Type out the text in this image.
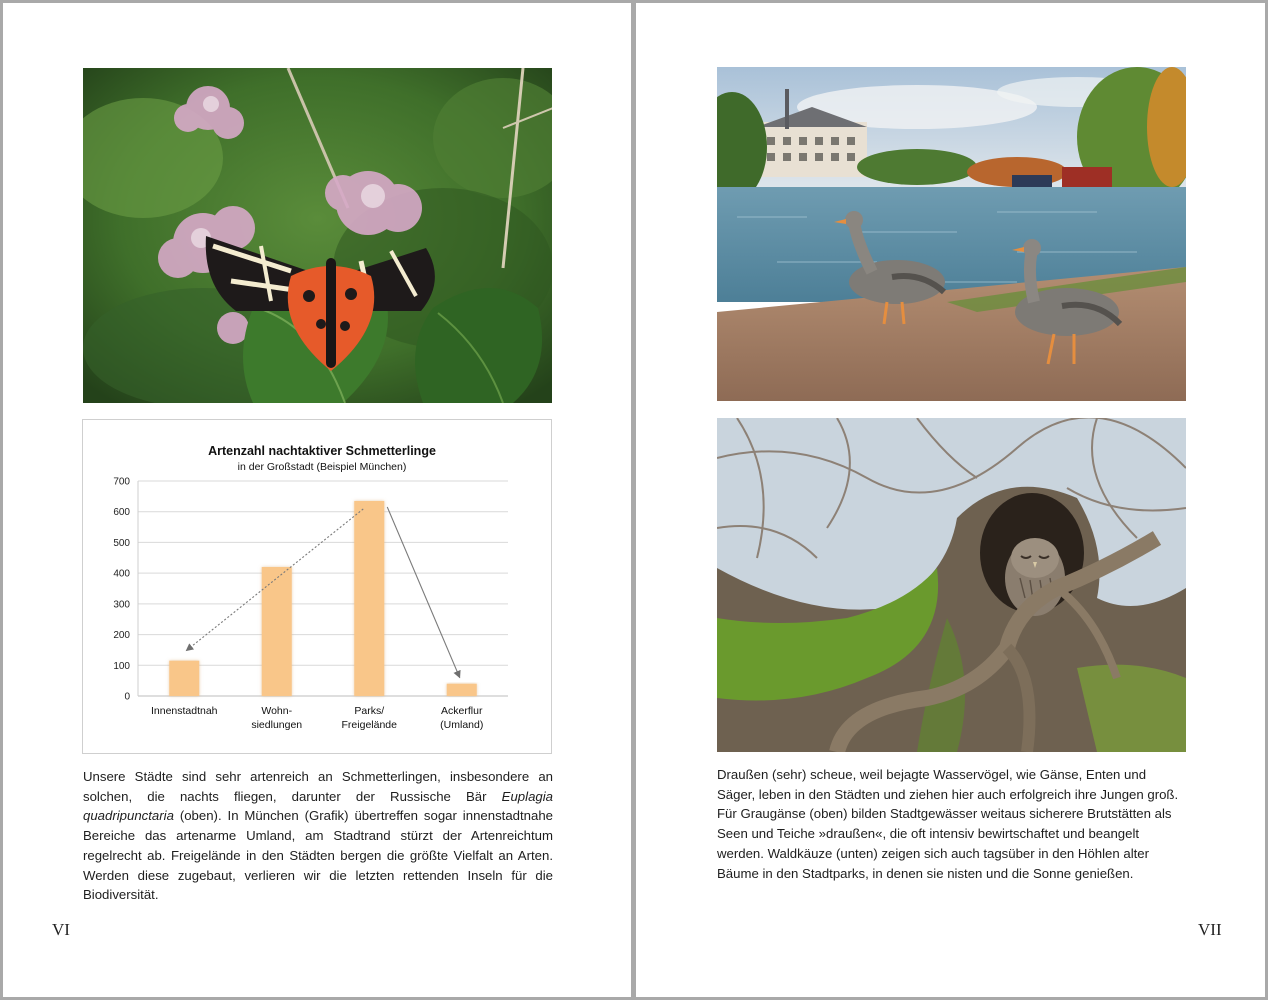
Artenzahl nachtaktiver Schmetterlinge
in der Großstadt (Beispiel München)
0
100
200
300
400
500
600
700
Innenstadtnah	Wohn-siedlungen
Parks/ Freigelände
Ackerflur (Umland)

Unsere Städte sind sehr artenreich an Schmetterlingen, insbesondere an solchen, die nachts fliegen, darunter der Russische Bär Euplagia quadripunctaria (oben). In München (Grafik) übertreffen sogar innenstadtnahe Bereiche das artenarme Umland, am Stadtrand stürzt der Artenreichtum regelrecht ab. Freigelände in den Städten bergen die größte Vielfalt an Arten. Werden diese zugebaut, verlieren wir die letzten rettenden Inseln für die Biodiversität.

VI

Draußen (sehr) scheue, weil bejagte Wasservögel, wie Gänse, Enten und Säger, leben in den Städten und ziehen hier auch erfolgreich ihre Jungen groß. Für Graugänse (oben) bilden Stadtgewässer weitaus sicherere Brutstätten als Seen und Teiche »draußen«, die oft intensiv bewirtschaftet und beangelt werden. Waldkäuze (unten) zeigen sich auch tagsüber in den Höhlen alter Bäume in den Stadtparks, in denen sie nisten und die Sonne genießen.

VII
